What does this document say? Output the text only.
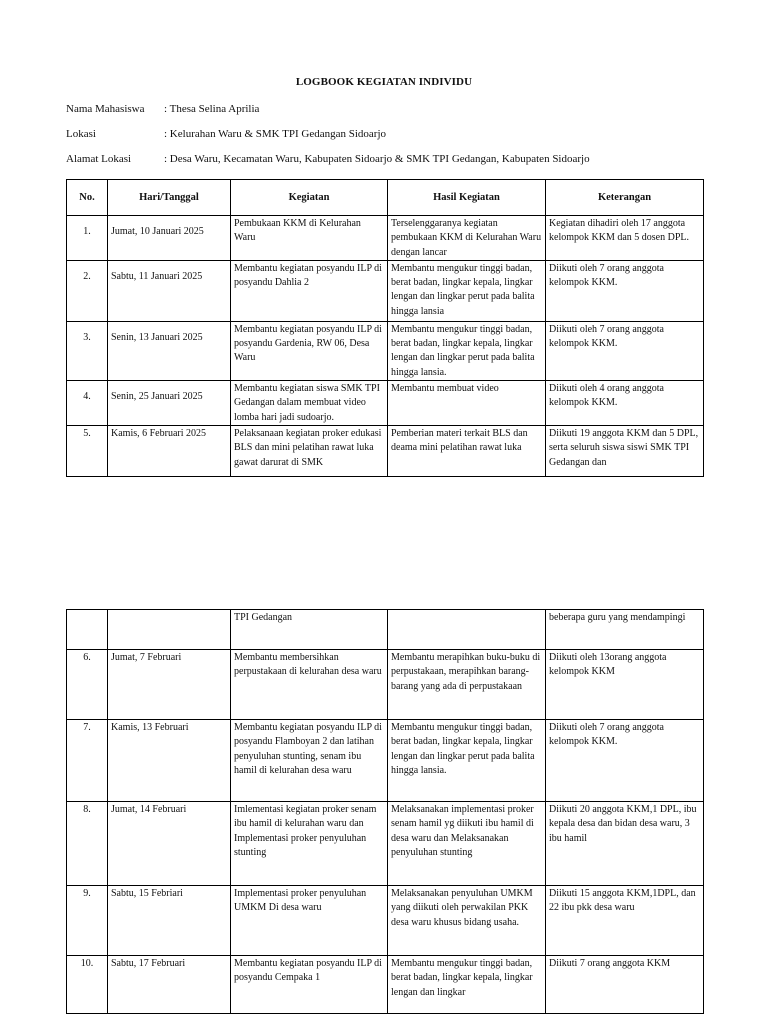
LOGBOOK KEGIATAN INDIVIDU
Nama Mahasiswa : Thesa Selina Aprilia
Lokasi	: Kelurahan Waru & SMK TPI Gedangan Sidoarjo
Alamat Lokasi	: Desa Waru, Kecamatan Waru, Kabupaten Sidoarjo & SMK TPI Gedangan, Kabupaten Sidoarjo
No.	Hari/Tanggal	Kegiatan	Hasil Kegiatan	Keterangan
1.	Jumat, 10 Januari 2025	Pembukaan KKM di Kelurahan Waru	Terselenggaranya kegiatan pembukaan KKM di Kelurahan Waru dengan lancar	Kegiatan dihadiri oleh 17 anggota kelompok KKM dan 5 dosen DPL.
2.	Sabtu, 11 Januari 2025	Membantu kegiatan posyandu ILP di posyandu Dahlia 2	Membantu mengukur tinggi badan, berat badan, lingkar kepala, lingkar lengan dan lingkar perut pada balita hingga lansia	Diikuti oleh 7 orang anggota kelompok KKM.
3.	Senin, 13 Januari 2025	Membantu kegiatan posyandu ILP di posyandu Gardenia, RW 06, Desa Waru	Membantu mengukur tinggi badan, berat badan, lingkar kepala, lingkar lengan dan lingkar perut pada balita hingga lansia.	Diikuti oleh 7 orang anggota kelompok KKM.
4.	Senin, 25 Januari 2025	Membantu kegiatan siswa SMK TPI Gedangan dalam membuat video lomba hari jadi sudoarjo.	Membantu membuat video	Diikuti oleh 4 orang anggota kelompok KKM.
5.	Kamis, 6 Februari 2025	Pelaksanaan kegiatan proker edukasi BLS dan mini pelatihan rawat luka gawat darurat di SMK	Pemberian materi terkait BLS dan deama mini pelatihan rawat luka	Diikuti 19 anggota KKM dan 5 DPL, serta seluruh siswa siswi SMK TPI Gedangan dan
		TPI Gedangan		beberapa guru yang mendampingi
6.	Jumat, 7 Februari	Membantu membersihkan perpustakaan di kelurahan desa waru	Membantu merapihkan buku-buku di perpustakaan, merapihkan barang-barang yang ada di perpustakaan	Diikuti oleh 13orang anggota kelompok KKM
7.	Kamis, 13 Februari	Membantu kegiatan posyandu ILP di posyandu Flamboyan 2 dan latihan penyuluhan stunting, senam ibu hamil di kelurahan desa waru	Membantu mengukur tinggi badan, berat badan, lingkar kepala, lingkar lengan dan lingkar perut pada balita hingga lansia.	Diikuti oleh 7 orang anggota kelompok KKM.
8.	Jumat, 14 Februari	Imlementasi kegiatan proker senam ibu hamil di kelurahan waru dan Implementasi proker penyuluhan stunting	Melaksanakan implementasi proker senam hamil yg diikuti ibu hamil di desa waru dan Melaksanakan penyuluhan stunting	Diikuti 20 anggota KKM,1 DPL, ibu kepala desa dan bidan desa waru, 3 ibu hamil
9.	Sabtu, 15 Febriari	Implementasi proker penyuluhan UMKM Di desa waru	Melaksanakan penyuluhan UMKM yang diikuti oleh perwakilan PKK desa waru khusus bidang usaha.	Diikuti 15 anggota KKM,1DPL, dan 22 ibu pkk desa waru
10.	Sabtu, 17 Februari	Membantu kegiatan posyandu ILP di posyandu Cempaka 1	Membantu mengukur tinggi badan, berat badan, lingkar kepala, lingkar lengan dan lingkar	Diikuti 7 orang anggota KKM
